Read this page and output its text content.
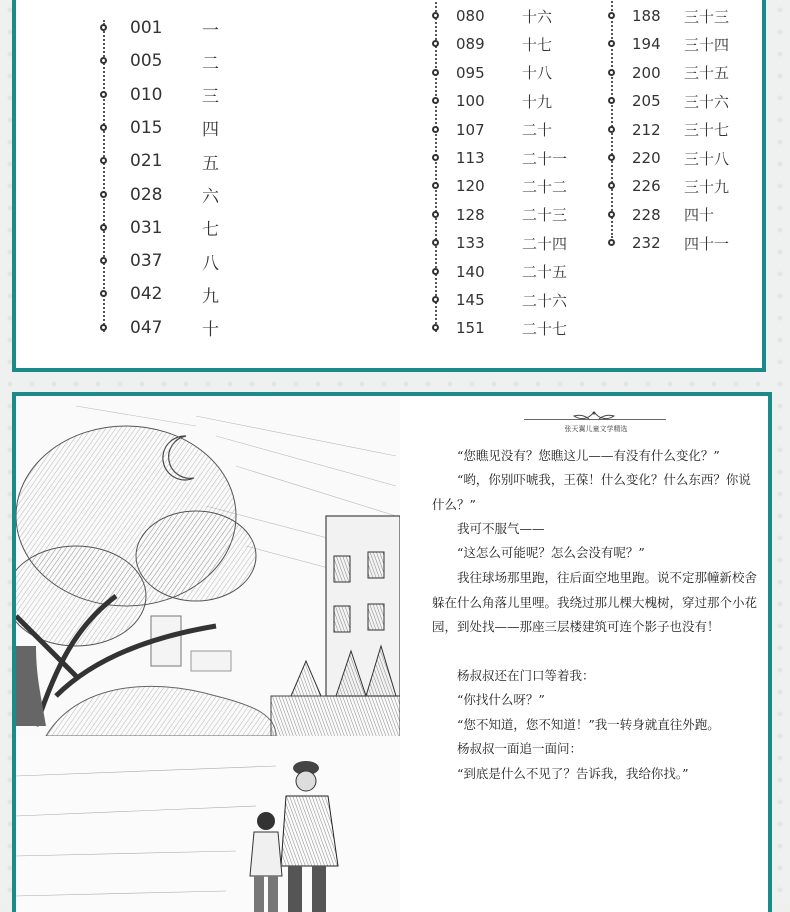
001 一
005 二
010 三
015 四
021 五
028 六
031 七
037 八
042 九
047 十
080 十六
089 十七
095 十八
100 十九
107 二十
113 二十一
120 二十二
128 二十三
133 二十四
140 二十五
145 二十六
151 二十七
188 三十三
194 三十四
200 三十五
205 三十六
212 三十七
220 三十八
226 三十九
228 四十
232 四十一
张天翼儿童文学精选

“您瞧见没有？您瞧这儿——有没有什么变化？”

“哟，你别吓唬我，王葆！什么变化？什么东西？你说什么？”

我可不服气——

“这怎么可能呢？怎么会没有呢？”

我往球场那里跑，往后面空地里跑。说不定那幢新校舍躲在什么角落儿里哩。我绕过那儿棵大槐树，穿过那个小花园，到处找——那座三层楼建筑可连个影子也没有！

杨叔叔还在门口等着我：

“你找什么呀？”

“您不知道，您不知道！”我一转身就直往外跑。

杨叔叔一面追一面问：

“到底是什么不见了？告诉我，我给你找。”
